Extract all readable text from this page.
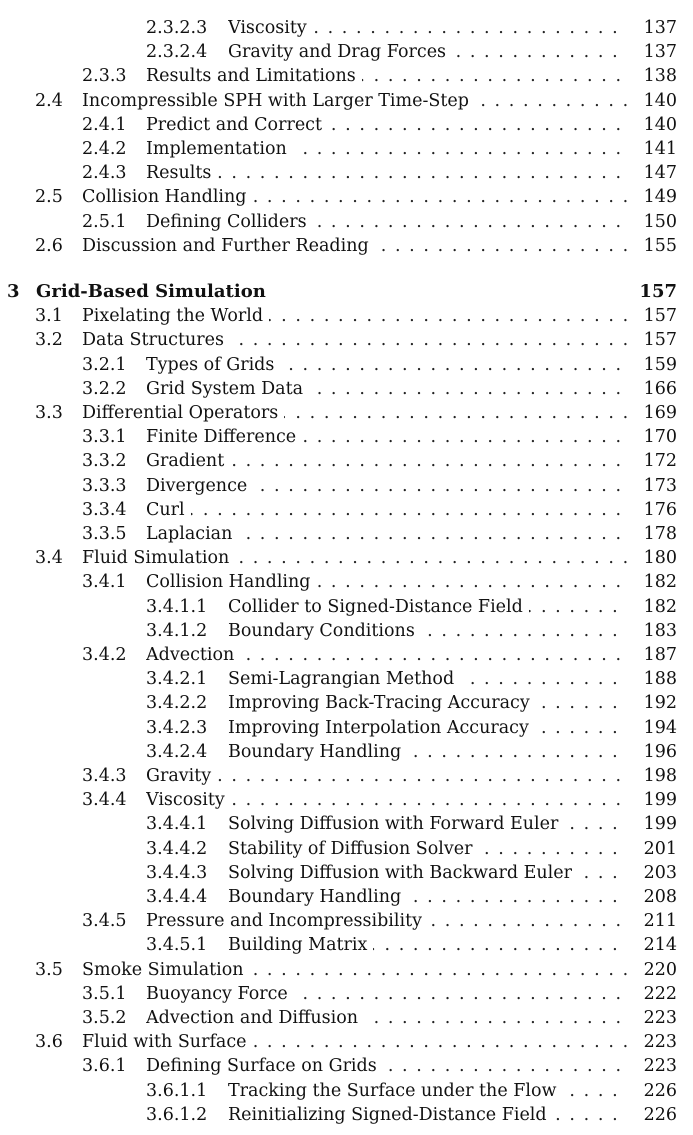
2.3.2.3 Viscosity . . .	137
2.3.2.4 Gravity and Drag Forces . . .	137
2.3.3 Results and Limitations . . .	138
2.4 Incompressible SPH with Larger Time-Step . . .	140
2.4.1 Predict and Correct . . .	140
2.4.2 Implementation . . .	141
2.4.3 Results . . .	147
2.5 Collision Handling . . .	149
2.5.1 Defining Colliders . . .	150
2.6 Discussion and Further Reading . . .	155
3 Grid-Based Simulation	157
3.1 Pixelating the World . . .	157
3.2 Data Structures . . .	157
3.2.1 Types of Grids . . .	159
3.2.2 Grid System Data . . .	166
3.3 Differential Operators . . .	169
3.3.1 Finite Difference . . .	170
3.3.2 Gradient . . .	172
3.3.3 Divergence . . .	173
3.3.4 Curl . . .	176
3.3.5 Laplacian . . .	178
3.4 Fluid Simulation . . .	180
3.4.1 Collision Handling . . .	182
3.4.1.1 Collider to Signed-Distance Field . . .	182
3.4.1.2 Boundary Conditions . . .	183
3.4.2 Advection . . .	187
3.4.2.1 Semi-Lagrangian Method . . .	188
3.4.2.2 Improving Back-Tracing Accuracy . . .	192
3.4.2.3 Improving Interpolation Accuracy . . .	194
3.4.2.4 Boundary Handling . . .	196
3.4.3 Gravity . . .	198
3.4.4 Viscosity . . .	199
3.4.4.1 Solving Diffusion with Forward Euler . . .	199
3.4.4.2 Stability of Diffusion Solver . . .	201
3.4.4.3 Solving Diffusion with Backward Euler . . .	203
3.4.4.4 Boundary Handling . . .	208
3.4.5 Pressure and Incompressibility . . .	211
3.4.5.1 Building Matrix . . .	214
3.5 Smoke Simulation . . .	220
3.5.1 Buoyancy Force . . .	222
3.5.2 Advection and Diffusion . . .	223
3.6 Fluid with Surface . . .	223
3.6.1 Defining Surface on Grids . . .	223
3.6.1.1 Tracking the Surface under the Flow . . .	226
3.6.1.2 Reinitializing Signed-Distance Field . . .	226
